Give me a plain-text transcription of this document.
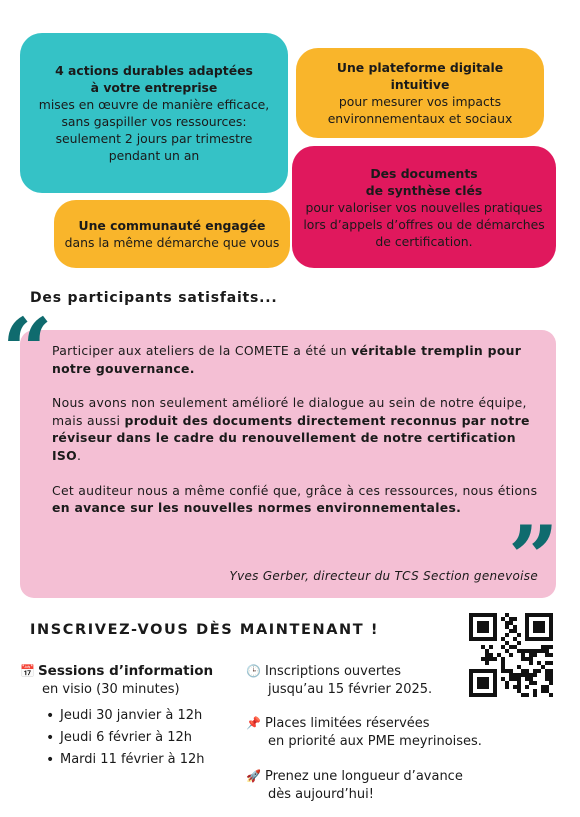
4 actions durables adaptées
à votre entreprise
mises en œuvre de manière efficace, sans gaspiller vos ressources:
seulement 2 jours par trimestre pendant un an
Une plateforme digitale intuitive
pour mesurer vos impacts environnementaux et sociaux
Des documents
de synthèse clés
pour valoriser vos nouvelles pratiques lors d’appels d’offres ou de démarches de certification.
Une communauté engagée
dans la même démarche que vous
Des participants satisfaits...

Participer aux ateliers de la COMETE a été un véritable tremplin pour notre gouvernance.

Nous avons non seulement amélioré le dialogue au sein de notre équipe, mais aussi produit des documents directement reconnus par notre réviseur dans le cadre du renouvellement de notre certification ISO.

Cet auditeur nous a même confié que, grâce à ces ressources, nous étions en avance sur les nouvelles normes environnementales.

Yves Gerber, directeur du TCS Section genevoise
“
”
INSCRIVEZ-VOUS DÈS MAINTENANT !
📅 Sessions d’information
en visio (30 minutes)
• Jeudi 30 janvier à 12h
• Jeudi 6 février à 12h
• Mardi 11 février à 12h
🕒 Inscriptions ouvertes
jusqu’au 15 février 2025.
📌 Places limitées réservées
en priorité aux PME meyrinoises.
🚀 Prenez une longueur d’avance
dès aujourd’hui!
